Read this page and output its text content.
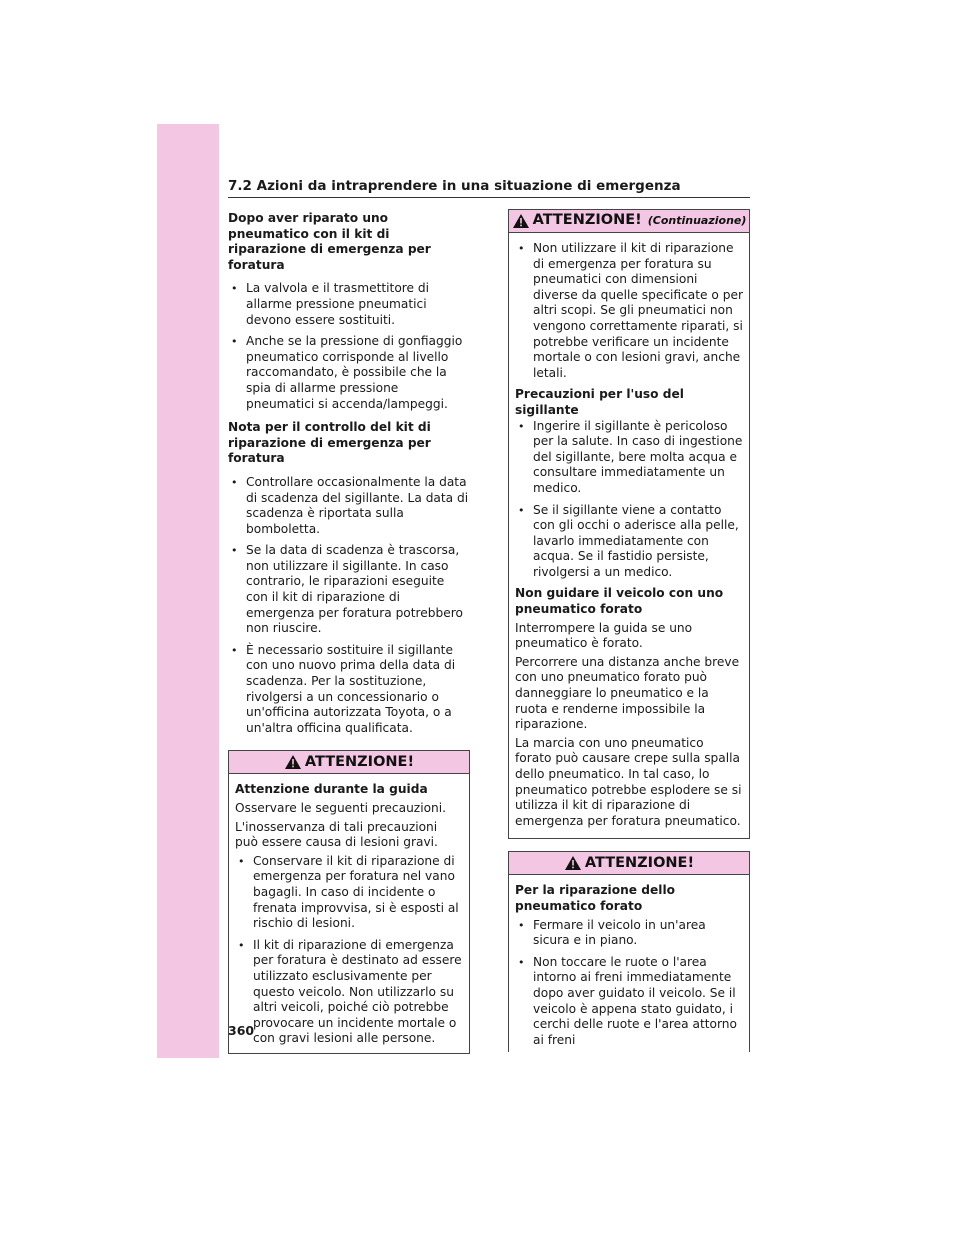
7.2 Azioni da intraprendere in una situazione di emergenza
Dopo aver riparato uno pneumatico con il kit di riparazione di emergenza per foratura
• La valvola e il trasmettitore di allarme pressione pneumatici devono essere sostituiti.
• Anche se la pressione di gonfiaggio pneumatico corrisponde al livello raccomandato, è possibile che la spia di allarme pressione pneumatici si accenda/lampeggi.
Nota per il controllo del kit di riparazione di emergenza per foratura
• Controllare occasionalmente la data di scadenza del sigillante. La data di scadenza è riportata sulla bomboletta.
• Se la data di scadenza è trascorsa, non utilizzare il sigillante. In caso contrario, le riparazioni eseguite con il kit di riparazione di emergenza per foratura potrebbero non riuscire.
• È necessario sostituire il sigillante con uno nuovo prima della data di scadenza. Per la sostituzione, rivolgersi a un concessionario o un'officina autorizzata Toyota, o a un'altra officina qualificata.
ATTENZIONE!
Attenzione durante la guida
Osservare le seguenti precauzioni.
L'inosservanza di tali precauzioni può essere causa di lesioni gravi.
• Conservare il kit di riparazione di emergenza per foratura nel vano bagagli. In caso di incidente o frenata improvvisa, si è esposti al rischio di lesioni.
• Il kit di riparazione di emergenza per foratura è destinato ad essere utilizzato esclusivamente per questo veicolo. Non utilizzarlo su altri veicoli, poiché ciò potrebbe provocare un incidente mortale o con gravi lesioni alle persone.
ATTENZIONE! (Continuazione)
• Non utilizzare il kit di riparazione di emergenza per foratura su pneumatici con dimensioni diverse da quelle specificate o per altri scopi. Se gli pneumatici non vengono correttamente riparati, si potrebbe verificare un incidente mortale o con lesioni gravi, anche letali.
Precauzioni per l'uso del sigillante
• Ingerire il sigillante è pericoloso per la salute. In caso di ingestione del sigillante, bere molta acqua e consultare immediatamente un medico.
• Se il sigillante viene a contatto con gli occhi o aderisce alla pelle, lavarlo immediatamente con acqua. Se il fastidio persiste, rivolgersi a un medico.
Non guidare il veicolo con uno pneumatico forato
Interrompere la guida se uno pneumatico è forato.
Percorrere una distanza anche breve con uno pneumatico forato può danneggiare lo pneumatico e la ruota e renderne impossibile la riparazione.
La marcia con uno pneumatico forato può causare crepe sulla spalla dello pneumatico. In tal caso, lo pneumatico potrebbe esplodere se si utilizza il kit di riparazione di emergenza per foratura pneumatico.
ATTENZIONE!
Per la riparazione dello pneumatico forato
• Fermare il veicolo in un'area sicura e in piano.
• Non toccare le ruote o l'area intorno ai freni immediatamente dopo aver guidato il veicolo. Se il veicolo è appena stato guidato, i cerchi delle ruote e l'area attorno ai freni
360
